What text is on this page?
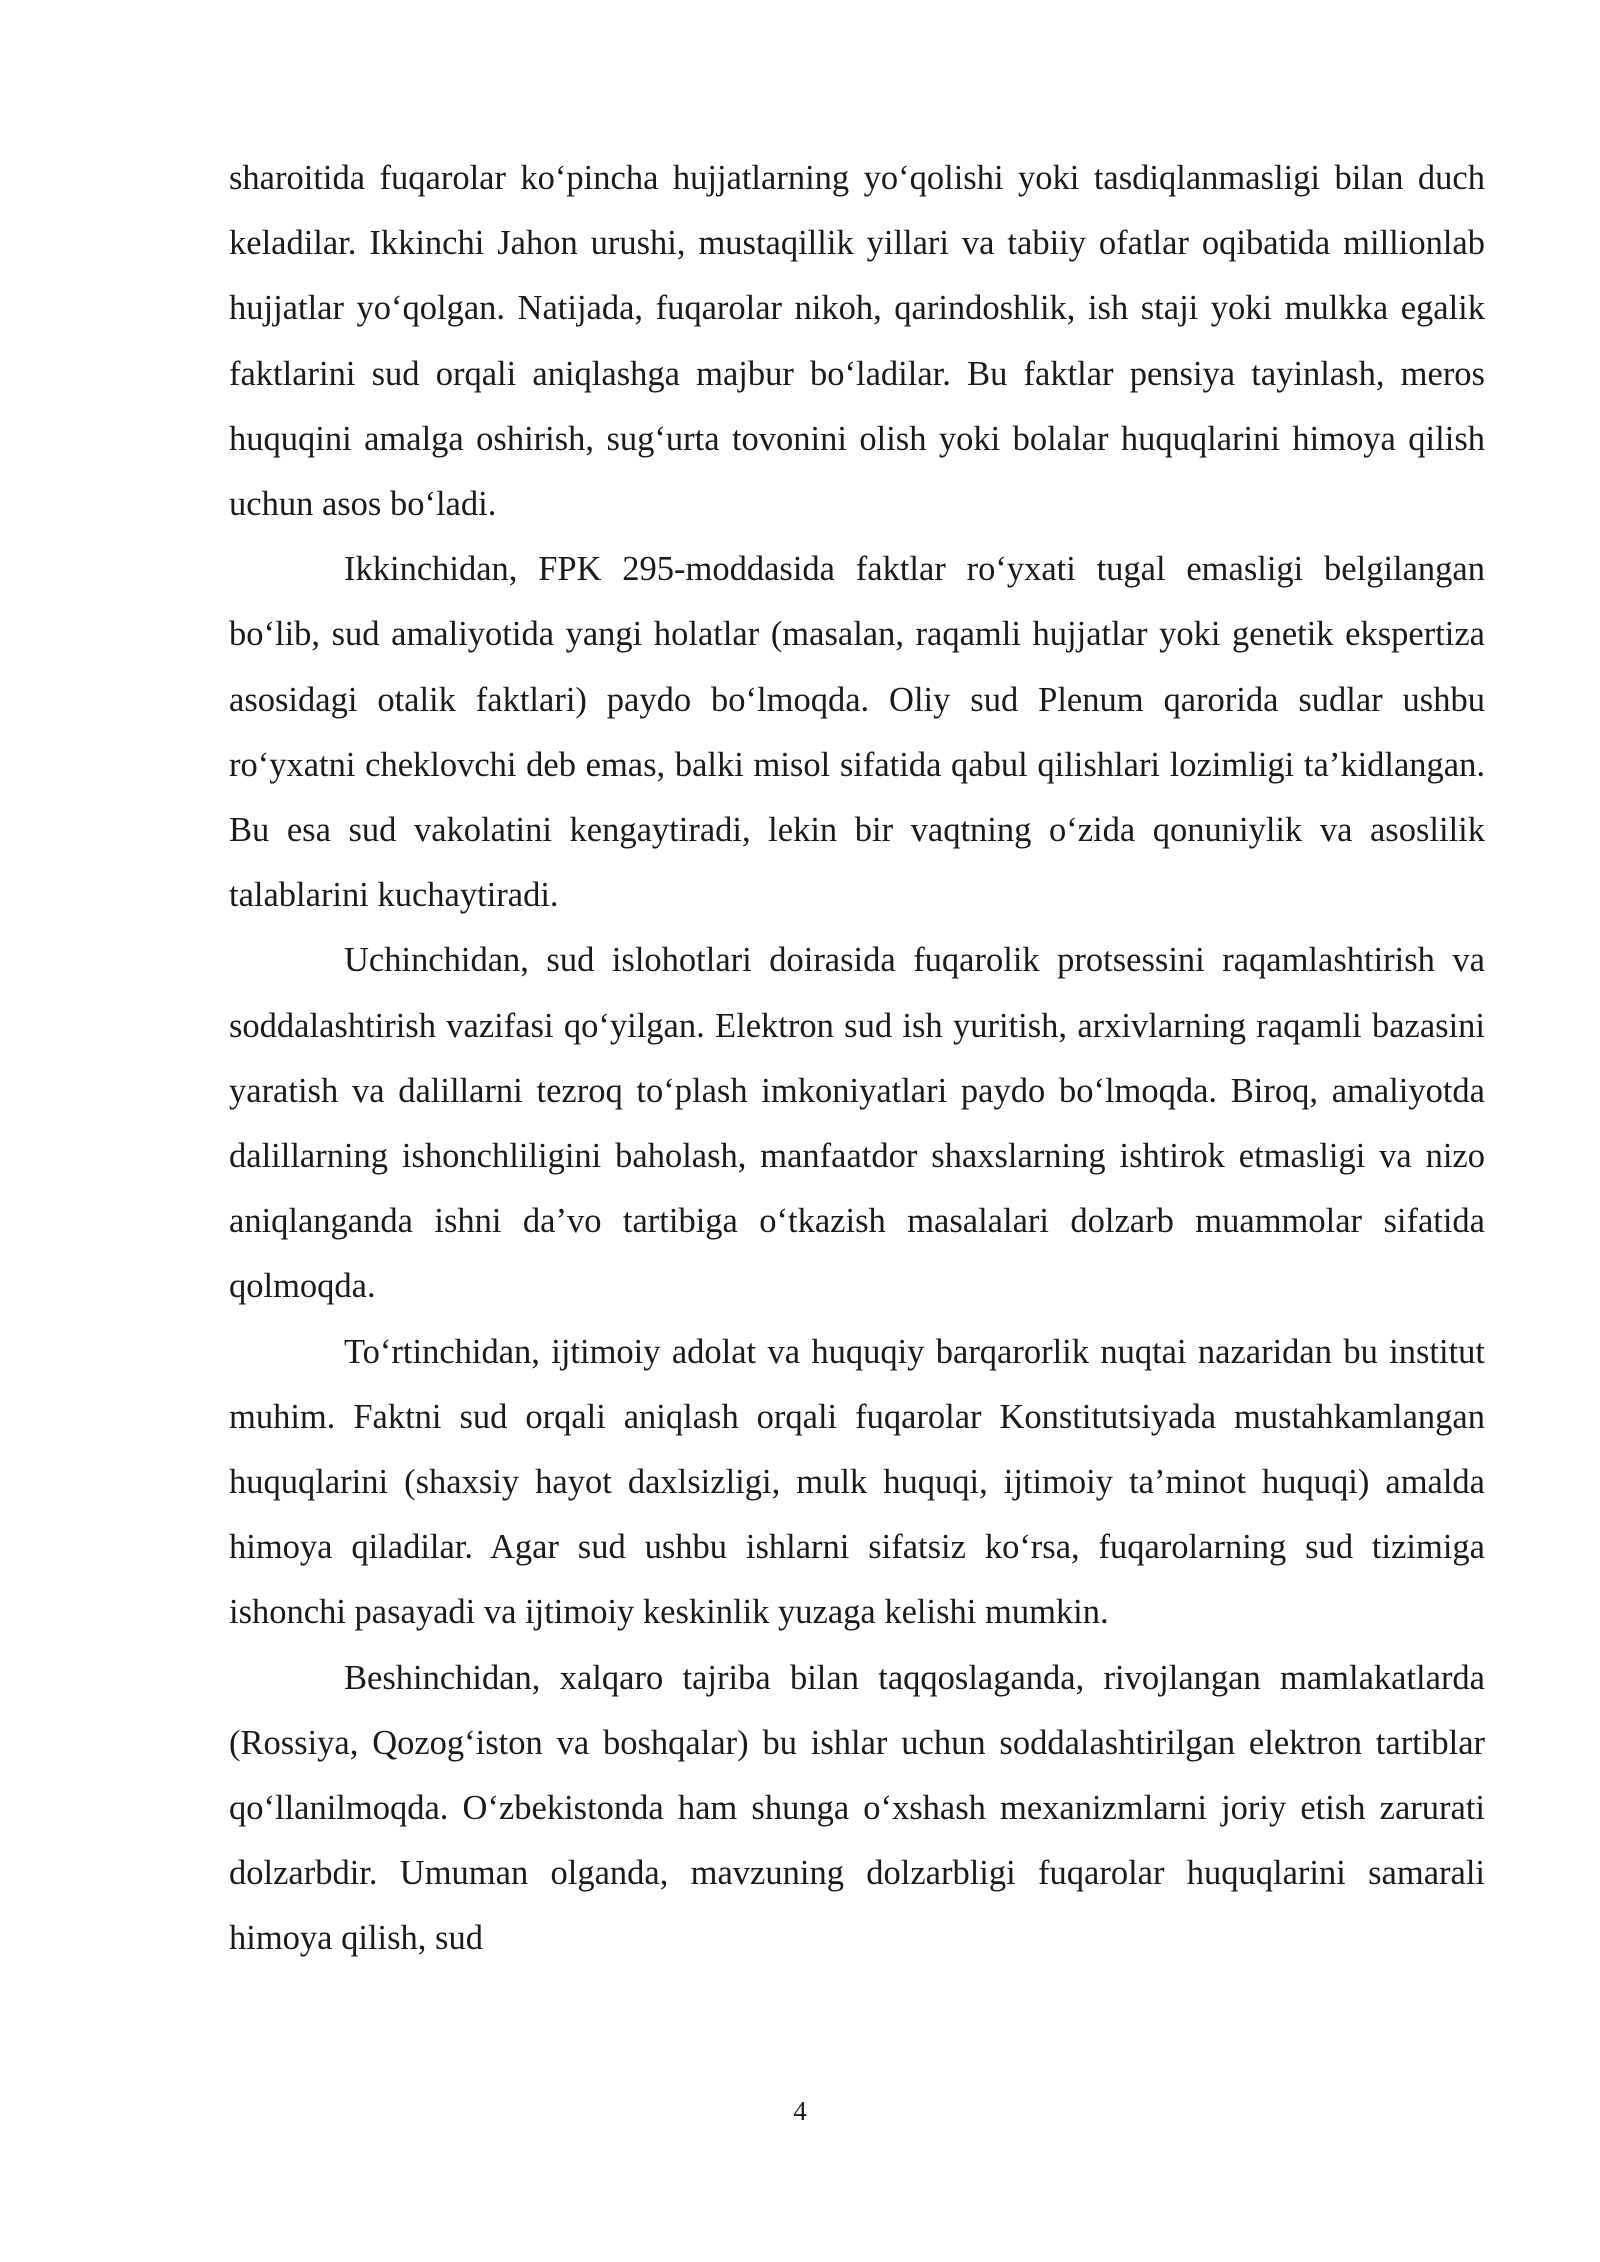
sharoitida fuqarolar ko‘pincha hujjatlarning yo‘qolishi yoki tasdiqlanmasligi bilan duch keladilar. Ikkinchi Jahon urushi, mustaqillik yillari va tabiiy ofatlar oqibatida millionlab hujjatlar yo‘qolgan. Natijada, fuqarolar nikoh, qarindoshlik, ish staji yoki mulkka egalik faktlarini sud orqali aniqlashga majbur bo‘ladilar. Bu faktlar pensiya tayinlash, meros huquqini amalga oshirish, sug‘urta tovonini olish yoki bolalar huquqlarini himoya qilish uchun asos bo‘ladi.

Ikkinchidan, FPK 295-moddasida faktlar ro‘yxati tugal emasligi belgilangan bo‘lib, sud amaliyotida yangi holatlar (masalan, raqamli hujjatlar yoki genetik ekspertiza asosidagi otalik faktlari) paydo bo‘lmoqda. Oliy sud Plenum qarorida sudlar ushbu ro‘yxatni cheklovchi deb emas, balki misol sifatida qabul qilishlari lozimligi ta’kidlangan. Bu esa sud vakolatini kengaytiradi, lekin bir vaqtning o‘zida qonuniylik va asoslilik talablarini kuchaytiradi.

Uchinchidan, sud islohotlari doirasida fuqarolik protsessini raqamlashtirish va soddalashtirish vazifasi qo‘yilgan. Elektron sud ish yuritish, arxivlarning raqamli bazasini yaratish va dalillarni tezroq to‘plash imkoniyatlari paydo bo‘lmoqda. Biroq, amaliyotda dalillarning ishonchliligini baholash, manfaatdor shaxslarning ishtirok etmasligi va nizo aniqlanganda ishni da’vo tartibiga o‘tkazish masalalari dolzarb muammolar sifatida qolmoqda.

To‘rtinchidan, ijtimoiy adolat va huquqiy barqarorlik nuqtai nazaridan bu institut muhim. Faktni sud orqali aniqlash orqali fuqarolar Konstitutsiyada mustahkamlangan huquqlarini (shaxsiy hayot daxlsizligi, mulk huquqi, ijtimoiy ta’minot huquqi) amalda himoya qiladilar. Agar sud ushbu ishlarni sifatsiz ko‘rsa, fuqarolarning sud tizimiga ishonchi pasayadi va ijtimoiy keskinlik yuzaga kelishi mumkin.

Beshinchidan, xalqaro tajriba bilan taqqoslaganda, rivojlangan mamlakatlarda (Rossiya, Qozog‘iston va boshqalar) bu ishlar uchun soddalashtirilgan elektron tartiblar qo‘llanilmoqda. O‘zbekistonda ham shunga o‘xshash mexanizmlarni joriy etish zarurati dolzarbdir. Umuman olganda, mavzuning dolzarbligi fuqarolar huquqlarini samarali himoya qilish, sud

4
